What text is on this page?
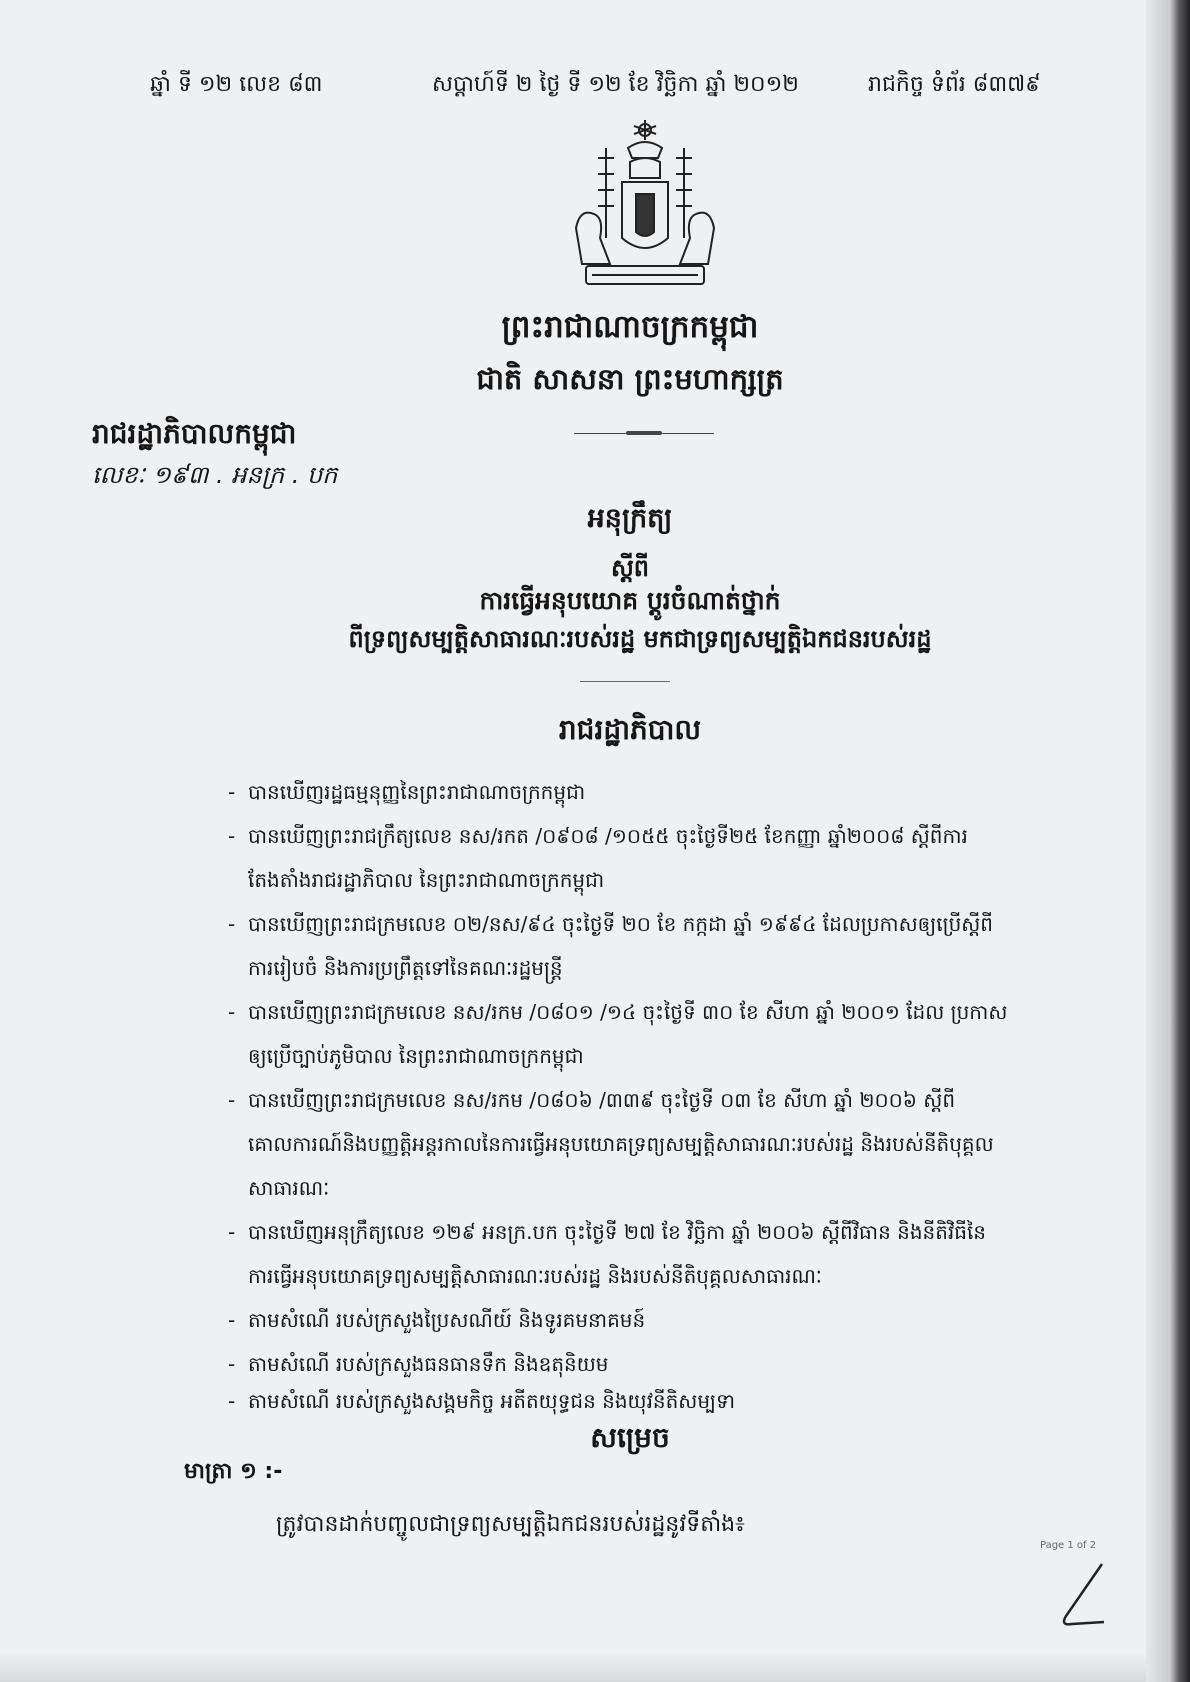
ឆ្នាំ ទី ១២ លេខ ៨៣	សប្តាហ៍ទី ២ ថ្ងៃ ទី ១២ ខែ វិច្ឆិកា ឆ្នាំ ២០១២	រាជកិច្ច ទំព័រ ៨៣៧៩
ព្រះរាជាណាចក្រកម្ពុជា
ជាតិ សាសនា ព្រះមហាក្សត្រ
រាជរដ្ឋាភិបាលកម្ពុជា
លេខៈ ១៩៣ . អនក្រ . បក
អនុក្រឹត្យ
ស្តីពី
ការធ្វើអនុបយោគ ប្តូរចំណាត់ថ្នាក់
ពីទ្រព្យសម្បត្តិសាធារណៈរបស់រដ្ឋ មកជាទ្រព្យសម្បត្តិឯកជនរបស់រដ្ឋ
រាជរដ្ឋាភិបាល
- បានឃើញរដ្ឋធម្មនុញ្ញនៃព្រះរាជាណាចក្រកម្ពុជា
- បានឃើញព្រះរាជក្រឹត្យលេខ នស/រកត /០៩០៨ /១០៥៥ ចុះថ្ងៃទី២៥ ខែកញ្ញា ឆ្នាំ២០០៨ ស្តីពីការ
តែងតាំងរាជរដ្ឋាភិបាល នៃព្រះរាជាណាចក្រកម្ពុជា
- បានឃើញព្រះរាជក្រមលេខ ០២/នស/៩៤ ចុះថ្ងៃទី ២០ ខែ កក្កដា ឆ្នាំ ១៩៩៤ ដែលប្រកាសឲ្យប្រើស្តីពី
ការរៀបចំ និងការប្រព្រឹត្តទៅនៃគណៈរដ្ឋមន្ត្រី
- បានឃើញព្រះរាជក្រមលេខ នស/រកម /០៨០១ /១៤ ចុះថ្ងៃទី ៣០ ខែ សីហា ឆ្នាំ ២០០១ ដែល ប្រកាស
ឲ្យប្រើច្បាប់ភូមិបាល នៃព្រះរាជាណាចក្រកម្ពុជា
- បានឃើញព្រះរាជក្រមលេខ នស/រកម /០៨០៦ /៣៣៩ ចុះថ្ងៃទី ០៣ ខែ សីហា ឆ្នាំ ២០០៦ ស្តីពី
គោលការណ៍និងបញ្ញត្តិអន្តរកាលនៃការធ្វើអនុបយោគទ្រព្យសម្បត្តិសាធារណៈរបស់រដ្ឋ និងរបស់នីតិបុគ្គល
សាធារណៈ
- បានឃើញអនុក្រឹត្យលេខ ១២៩ អនក្រ.បក ចុះថ្ងៃទី ២៧ ខែ វិច្ឆិកា ឆ្នាំ ២០០៦ ស្តីពីវិធាន និងនីតិវិធីនៃ
ការធ្វើអនុបយោគទ្រព្យសម្បត្តិសាធារណៈរបស់រដ្ឋ និងរបស់នីតិបុគ្គលសាធារណៈ
- តាមសំណើ របស់ក្រសួងប្រៃសណីយ៍ និងទូរគមនាគមន៍
- តាមសំណើ របស់ក្រសួងធនធានទឹក និងឧតុនិយម
- តាមសំណើ របស់ក្រសួងសង្គមកិច្ច អតីតយុទ្ធជន និងយុវនីតិសម្បទា
សម្រេច
មាត្រា ១ :-
ត្រូវបានដាក់បញ្ចូលជាទ្រព្យសម្បត្តិឯកជនរបស់រដ្ឋនូវទីតាំង៖
Page 1 of 2
